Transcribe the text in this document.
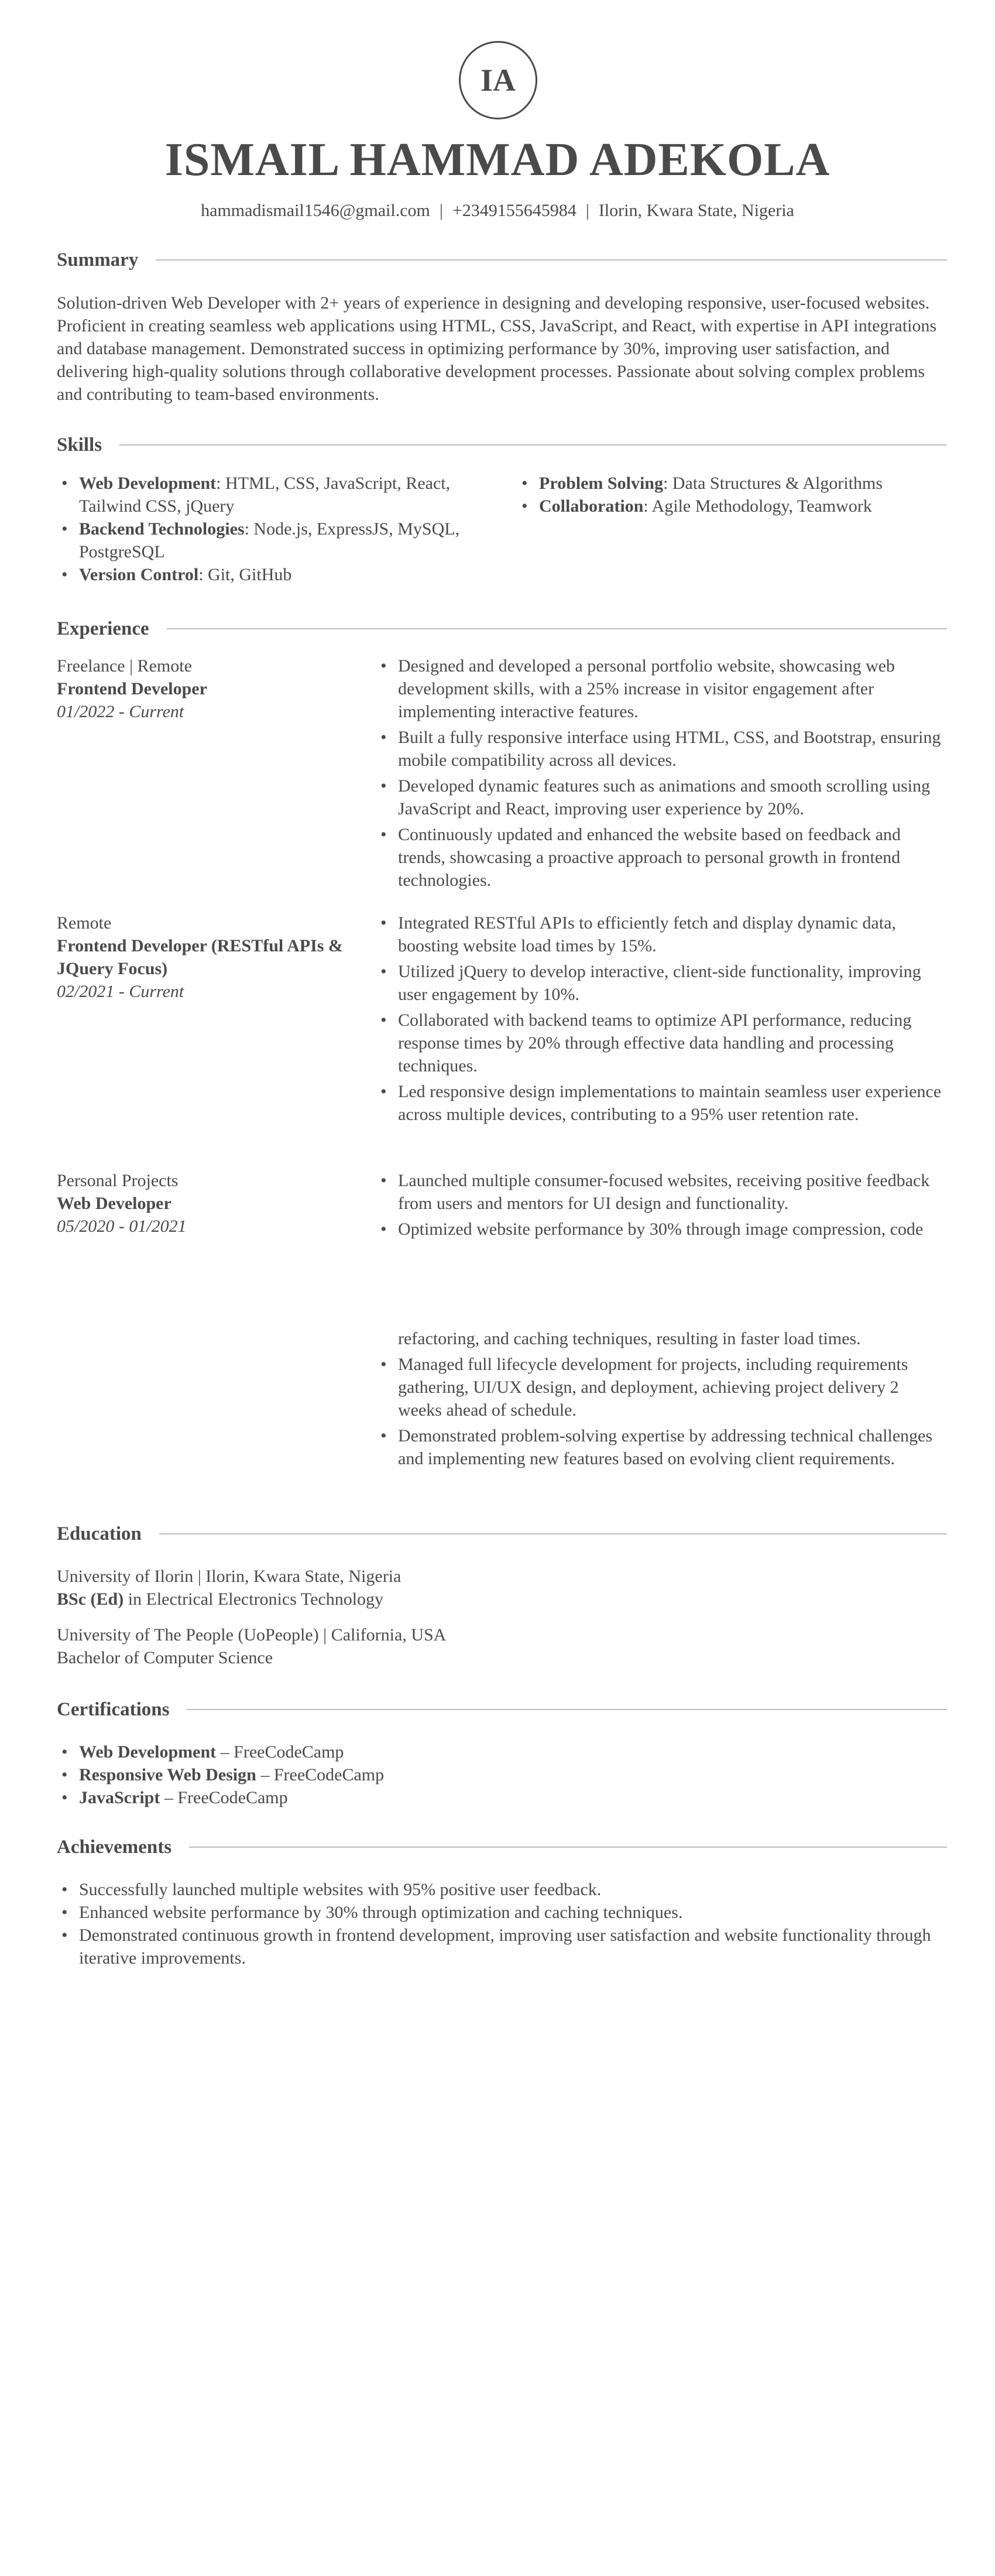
IA
ISMAIL HAMMAD ADEKOLA
hammadismail1546@gmail.com | +2349155645984 | Ilorin, Kwara State, Nigeria
Summary
Solution-driven Web Developer with 2+ years of experience in designing and developing responsive, user-focused websites. Proficient in creating seamless web applications using HTML, CSS, JavaScript, and React, with expertise in API integrations and database management. Demonstrated success in optimizing performance by 30%, improving user satisfaction, and delivering high-quality solutions through collaborative development processes. Passionate about solving complex problems and contributing to team-based environments.
Skills
• Web Development: HTML, CSS, JavaScript, React, Tailwind CSS, jQuery
• Backend Technologies: Node.js, ExpressJS, MySQL, PostgreSQL
• Version Control: Git, GitHub
• Problem Solving: Data Structures & Algorithms
• Collaboration: Agile Methodology, Teamwork
Experience
Freelance | Remote
Frontend Developer
01/2022 - Current
• Designed and developed a personal portfolio website, showcasing web development skills, with a 25% increase in visitor engagement after implementing interactive features.
• Built a fully responsive interface using HTML, CSS, and Bootstrap, ensuring mobile compatibility across all devices.
• Developed dynamic features such as animations and smooth scrolling using JavaScript and React, improving user experience by 20%.
• Continuously updated and enhanced the website based on feedback and trends, showcasing a proactive approach to personal growth in frontend technologies.
Remote
Frontend Developer (RESTful APIs & JQuery Focus)
02/2021 - Current
• Integrated RESTful APIs to efficiently fetch and display dynamic data, boosting website load times by 15%.
• Utilized jQuery to develop interactive, client-side functionality, improving user engagement by 10%.
• Collaborated with backend teams to optimize API performance, reducing response times by 20% through effective data handling and processing techniques.
• Led responsive design implementations to maintain seamless user experience across multiple devices, contributing to a 95% user retention rate.
Personal Projects
Web Developer
05/2020 - 01/2021
• Launched multiple consumer-focused websites, receiving positive feedback from users and mentors for UI design and functionality.
• Optimized website performance by 30% through image compression, code
refactoring, and caching techniques, resulting in faster load times.
• Managed full lifecycle development for projects, including requirements gathering, UI/UX design, and deployment, achieving project delivery 2 weeks ahead of schedule.
• Demonstrated problem-solving expertise by addressing technical challenges and implementing new features based on evolving client requirements.
Education
University of Ilorin | Ilorin, Kwara State, Nigeria
BSc (Ed) in Electrical Electronics Technology
University of The People (UoPeople) | California, USA
Bachelor of Computer Science
Certifications
• Web Development – FreeCodeCamp
• Responsive Web Design – FreeCodeCamp
• JavaScript – FreeCodeCamp
Achievements
• Successfully launched multiple websites with 95% positive user feedback.
• Enhanced website performance by 30% through optimization and caching techniques.
• Demonstrated continuous growth in frontend development, improving user satisfaction and website functionality through iterative improvements.
